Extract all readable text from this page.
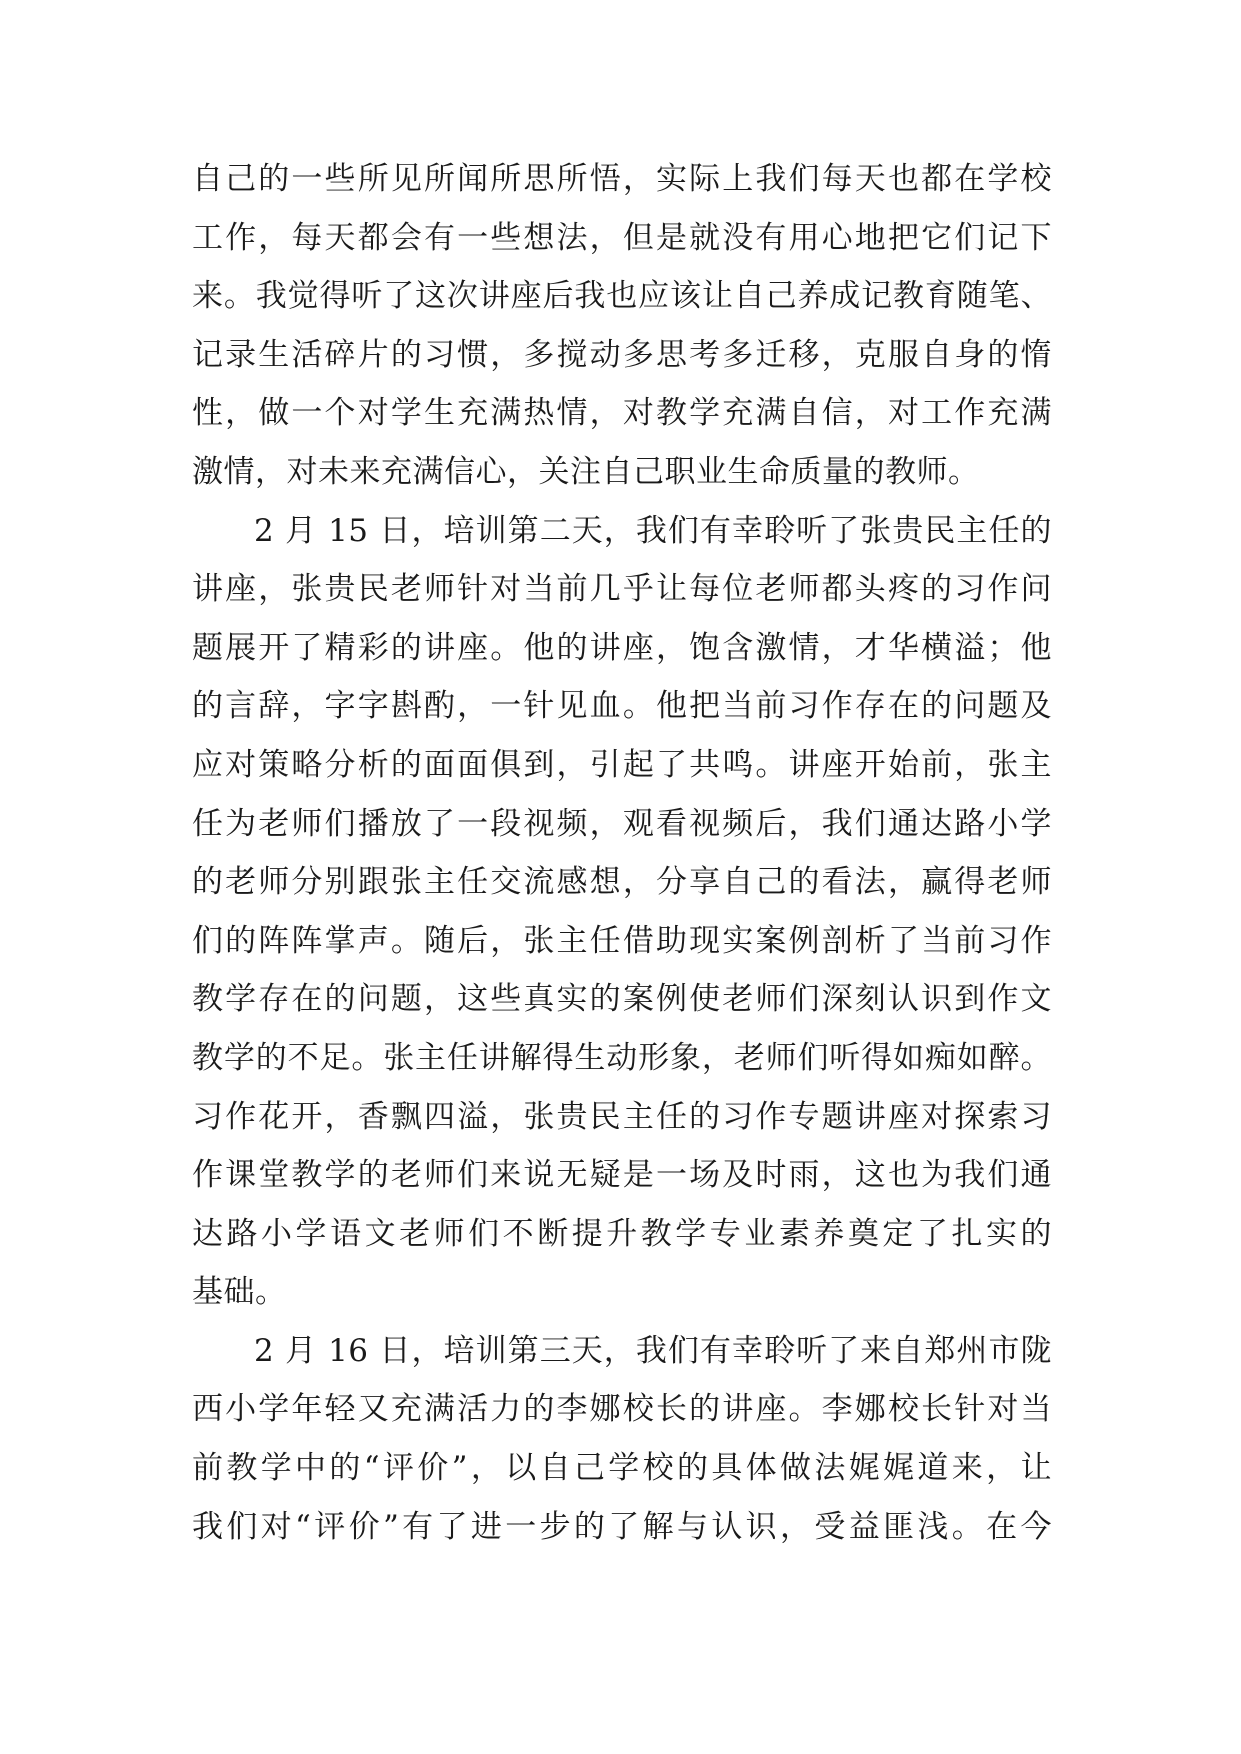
自己的一些所见所闻所思所悟，实际上我们每天也都在学校
工作，每天都会有一些想法，但是就没有用心地把它们记下
来。我觉得听了这次讲座后我也应该让自己养成记教育随笔、
记录生活碎片的习惯，多搅动多思考多迁移，克服自身的惰
性，做一个对学生充满热情，对教学充满自信，对工作充满
激情，对未来充满信心，关注自己职业生命质量的教师。
2 月 15 日，培训第二天，我们有幸聆听了张贵民主任的
讲座，张贵民老师针对当前几乎让每位老师都头疼的习作问
题展开了精彩的讲座。他的讲座，饱含激情，才华横溢；他
的言辞，字字斟酌，一针见血。他把当前习作存在的问题及
应对策略分析的面面俱到，引起了共鸣。讲座开始前，张主
任为老师们播放了一段视频，观看视频后，我们通达路小学
的老师分别跟张主任交流感想，分享自己的看法，赢得老师
们的阵阵掌声。随后，张主任借助现实案例剖析了当前习作
教学存在的问题，这些真实的案例使老师们深刻认识到作文
教学的不足。张主任讲解得生动形象，老师们听得如痴如醉。
习作花开，香飘四溢，张贵民主任的习作专题讲座对探索习
作课堂教学的老师们来说无疑是一场及时雨，这也为我们通
达路小学语文老师们不断提升教学专业素养奠定了扎实的
基础。
2 月 16 日，培训第三天，我们有幸聆听了来自郑州市陇
西小学年轻又充满活力的李娜校长的讲座。李娜校长针对当
前教学中的“评价”，以自己学校的具体做法娓娓道来，让
我们对“评价”有了进一步的了解与认识，受益匪浅。在今
